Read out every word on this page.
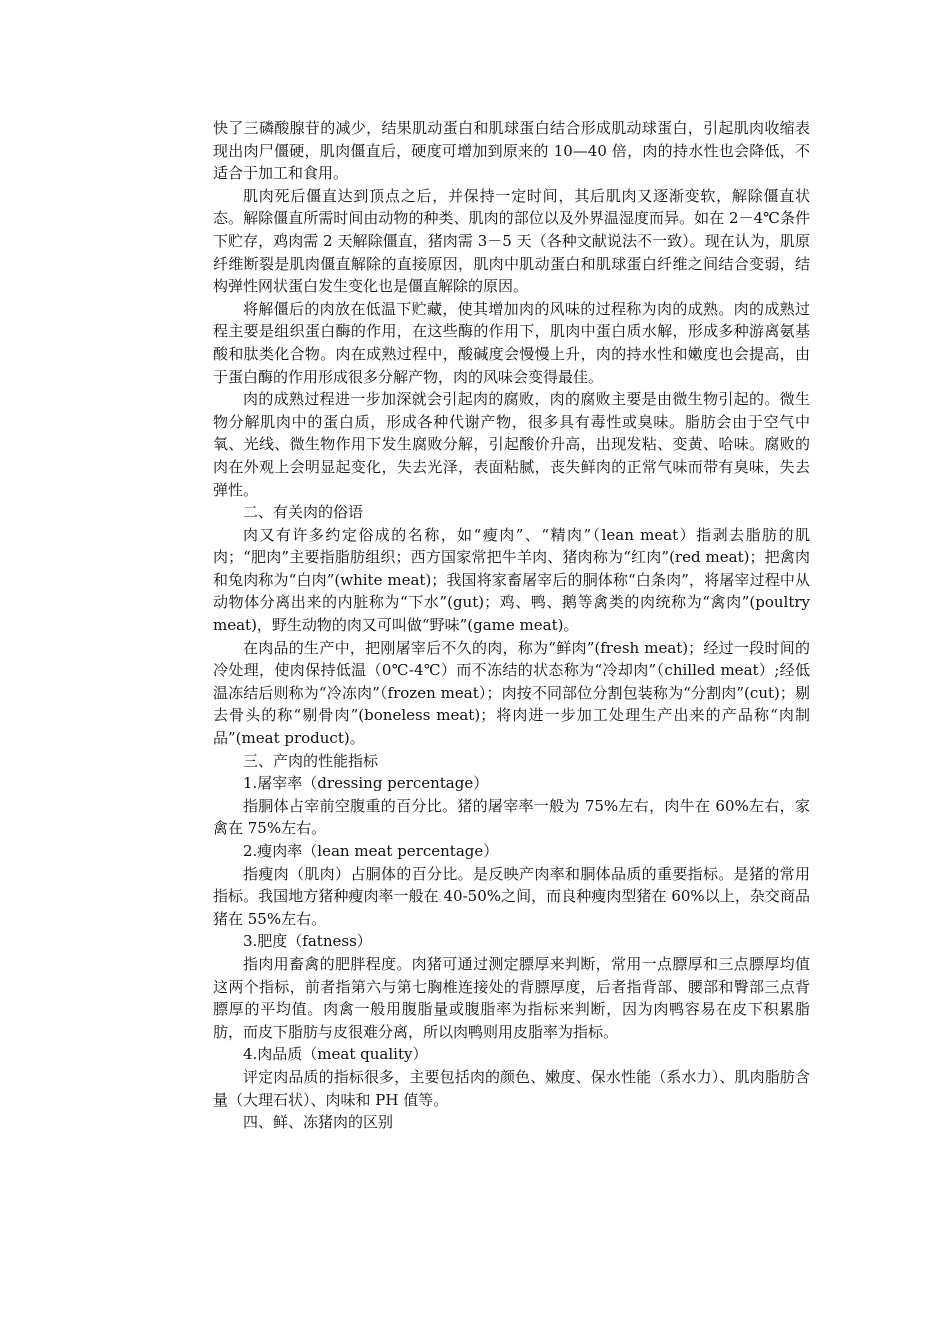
快了三磷酸腺苷的减少，结果肌动蛋白和肌球蛋白结合形成肌动球蛋白，引起肌肉收缩表现出肉尸僵硬，肌肉僵直后，硬度可增加到原来的 10—40 倍，肉的持水性也会降低，不适合于加工和食用。

肌肉死后僵直达到顶点之后，并保持一定时间，其后肌肉又逐渐变软，解除僵直状态。解除僵直所需时间由动物的种类、肌肉的部位以及外界温湿度而异。如在 2－4℃条件下贮存，鸡肉需 2 天解除僵直，猪肉需 3－5 天（各种文献说法不一致）。现在认为，肌原纤维断裂是肌肉僵直解除的直接原因，肌肉中肌动蛋白和肌球蛋白纤维之间结合变弱，结构弹性网状蛋白发生变化也是僵直解除的原因。

将解僵后的肉放在低温下贮藏，使其增加肉的风味的过程称为肉的成熟。肉的成熟过程主要是组织蛋白酶的作用，在这些酶的作用下，肌肉中蛋白质水解，形成多种游离氨基酸和肽类化合物。肉在成熟过程中，酸碱度会慢慢上升，肉的持水性和嫩度也会提高，由于蛋白酶的作用形成很多分解产物，肉的风味会变得最佳。

肉的成熟过程进一步加深就会引起肉的腐败，肉的腐败主要是由微生物引起的。微生物分解肌肉中的蛋白质，形成各种代谢产物，很多具有毒性或臭味。脂肪会由于空气中氧、光线、微生物作用下发生腐败分解，引起酸价升高，出现发粘、变黄、哈味。腐败的肉在外观上会明显起变化，失去光泽，表面粘腻，丧失鲜肉的正常气味而带有臭味，失去弹性。

二、有关肉的俗语

肉又有许多约定俗成的名称，如“瘦肉”、“精肉”（lean meat）指剥去脂肪的肌肉；“肥肉”主要指脂肪组织；西方国家常把牛羊肉、猪肉称为“红肉”(red meat)；把禽肉和兔肉称为“白肉”(white meat)；我国将家畜屠宰后的胴体称“白条肉”，将屠宰过程中从动物体分离出来的内脏称为“下水”(gut)；鸡、鸭、鹅等禽类的肉统称为“禽肉”(poultry meat)，野生动物的肉又可叫做“野味”(game meat)。

在肉品的生产中，把刚屠宰后不久的肉，称为“鲜肉”(fresh meat)；经过一段时间的冷处理，使肉保持低温（0℃-4℃）而不冻结的状态称为“冷却肉”（chilled meat）;经低温冻结后则称为“冷冻肉”（frozen meat）；肉按不同部位分割包装称为“分割肉”(cut)；剔去骨头的称“剔骨肉”(boneless meat)；将肉进一步加工处理生产出来的产品称“肉制品”(meat product)。

三、产肉的性能指标

1.屠宰率（dressing percentage）

指胴体占宰前空腹重的百分比。猪的屠宰率一般为 75%左右，肉牛在 60%左右，家禽在 75%左右。

2.瘦肉率（lean meat percentage）

指瘦肉（肌肉）占胴体的百分比。是反映产肉率和胴体品质的重要指标。是猪的常用指标。我国地方猪种瘦肉率一般在 40-50%之间，而良种瘦肉型猪在 60%以上，杂交商品猪在 55%左右。

3.肥度（fatness）

指肉用畜禽的肥胖程度。肉猪可通过测定膘厚来判断，常用一点膘厚和三点膘厚均值这两个指标，前者指第六与第七胸椎连接处的背膘厚度，后者指背部、腰部和臀部三点背膘厚的平均值。肉禽一般用腹脂量或腹脂率为指标来判断，因为肉鸭容易在皮下积累脂肪，而皮下脂肪与皮很难分离，所以肉鸭则用皮脂率为指标。

4.肉品质（meat quality）

评定肉品质的指标很多，主要包括肉的颜色、嫩度、保水性能（系水力）、肌肉脂肪含量（大理石状）、肉味和 PH 值等。

四、鲜、冻猪肉的区别
